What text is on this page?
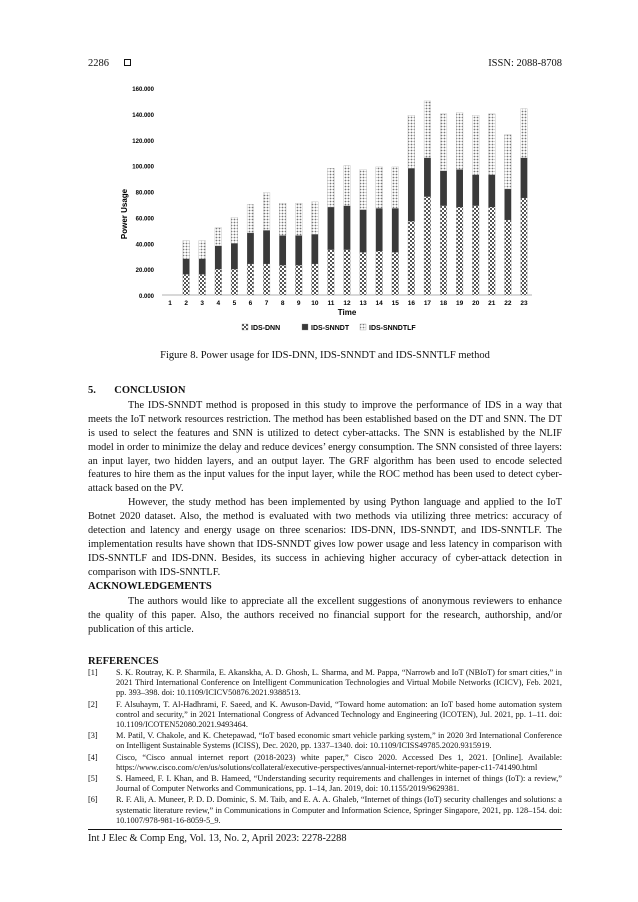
2286	ISSN: 2088-8708
0.000
20.000
40.000
60.000
80.000
100.000
120.000
140.000
160.000
1 2 3 4 5 6 7 8 9 10 11 12 13 14 15 16 17 18 19 20 21 22 23
Power Usage
Time
IDS-DNN	IDS-SNNDT	IDS-SNNDTLF
Figure 8. Power usage for IDS-DNN, IDS-SNNDT and IDS-SNNTLF method
5.       CONCLUSION

The IDS-SNNDT method is proposed in this study to improve the performance of IDS in a way that meets the IoT network resources restriction. The method has been established based on the DT and SNN. The DT is used to select the features and SNN is utilized to detect cyber-attacks. The SNN is established by the NLIF model in order to minimize the delay and reduce devices’ energy consumption. The SNN consisted of three layers: an input layer, two hidden layers, and an output layer. The GRF algorithm has been used to encode selected features to hire them as the input values for the input layer, while the ROC method has been used to detect cyber-attack based on the PV.

However, the study method has been implemented by using Python language and applied to the IoT Botnet 2020 dataset. Also, the method is evaluated with two methods via utilizing three metrics: accuracy of detection and latency and energy usage on three scenarios: IDS-DNN, IDS-SNNDT, and IDS-SNNTLF. The implementation results have shown that IDS-SNNDT gives low power usage and less latency in comparison with IDS-SNNTLF and IDS-DNN. Besides, its success in achieving higher accuracy of cyber-attack detection in comparison with IDS-SNNTLF.

ACKNOWLEDGEMENTS

The authors would like to appreciate all the excellent suggestions of anonymous reviewers to enhance the quality of this paper. Also, the authors received no financial support for the research, authorship, and/or publication of this article.

REFERENCES
[1] S. K. Routray, K. P. Sharmila, E. Akanskha, A. D. Ghosh, L. Sharma, and M. Pappa, “Narrowb and IoT (NBIoT) for smart cities,” in 2021 Third International Conference on Intelligent Communication Technologies and Virtual Mobile Networks (ICICV), Feb. 2021, pp. 393–398. doi: 10.1109/ICICV50876.2021.9388513.
[2] F. Alsuhaym, T. Al-Hadhrami, F. Saeed, and K. Awuson-David, “Toward home automation: an IoT based home automation system control and security,” in 2021 International Congress of Advanced Technology and Engineering (ICOTEN), Jul. 2021, pp. 1–11. doi: 10.1109/ICOTEN52080.2021.9493464.
[3] M. Patil, V. Chakole, and K. Chetepawad, “IoT based economic smart vehicle parking system,” in 2020 3rd International Conference on Intelligent Sustainable Systems (ICISS), Dec. 2020, pp. 1337–1340. doi: 10.1109/ICISS49785.2020.9315919.
[4] Cisco, “Cisco annual internet report (2018-2023) white paper,” Cisco 2020. Accessed Des 1, 2021. [Online]. Available: https://www.cisco.com/c/en/us/solutions/collateral/executive-perspectives/annual-internet-report/white-paper-c11-741490.html
[5] S. Hameed, F. I. Khan, and B. Hameed, “Understanding security requirements and challenges in internet of things (IoT): a review,” Journal of Computer Networks and Communications, pp. 1–14, Jan. 2019, doi: 10.1155/2019/9629381.
[6] R. F. Ali, A. Muneer, P. D. D. Dominic, S. M. Taib, and E. A. A. Ghaleb, “Internet of things (IoT) security challenges and solutions: a systematic literature review,” in Communications in Computer and Information Science, Springer Singapore, 2021, pp. 128–154. doi: 10.1007/978-981-16-8059-5_9.
Int J Elec & Comp Eng, Vol. 13, No. 2, April 2023: 2278-2288
